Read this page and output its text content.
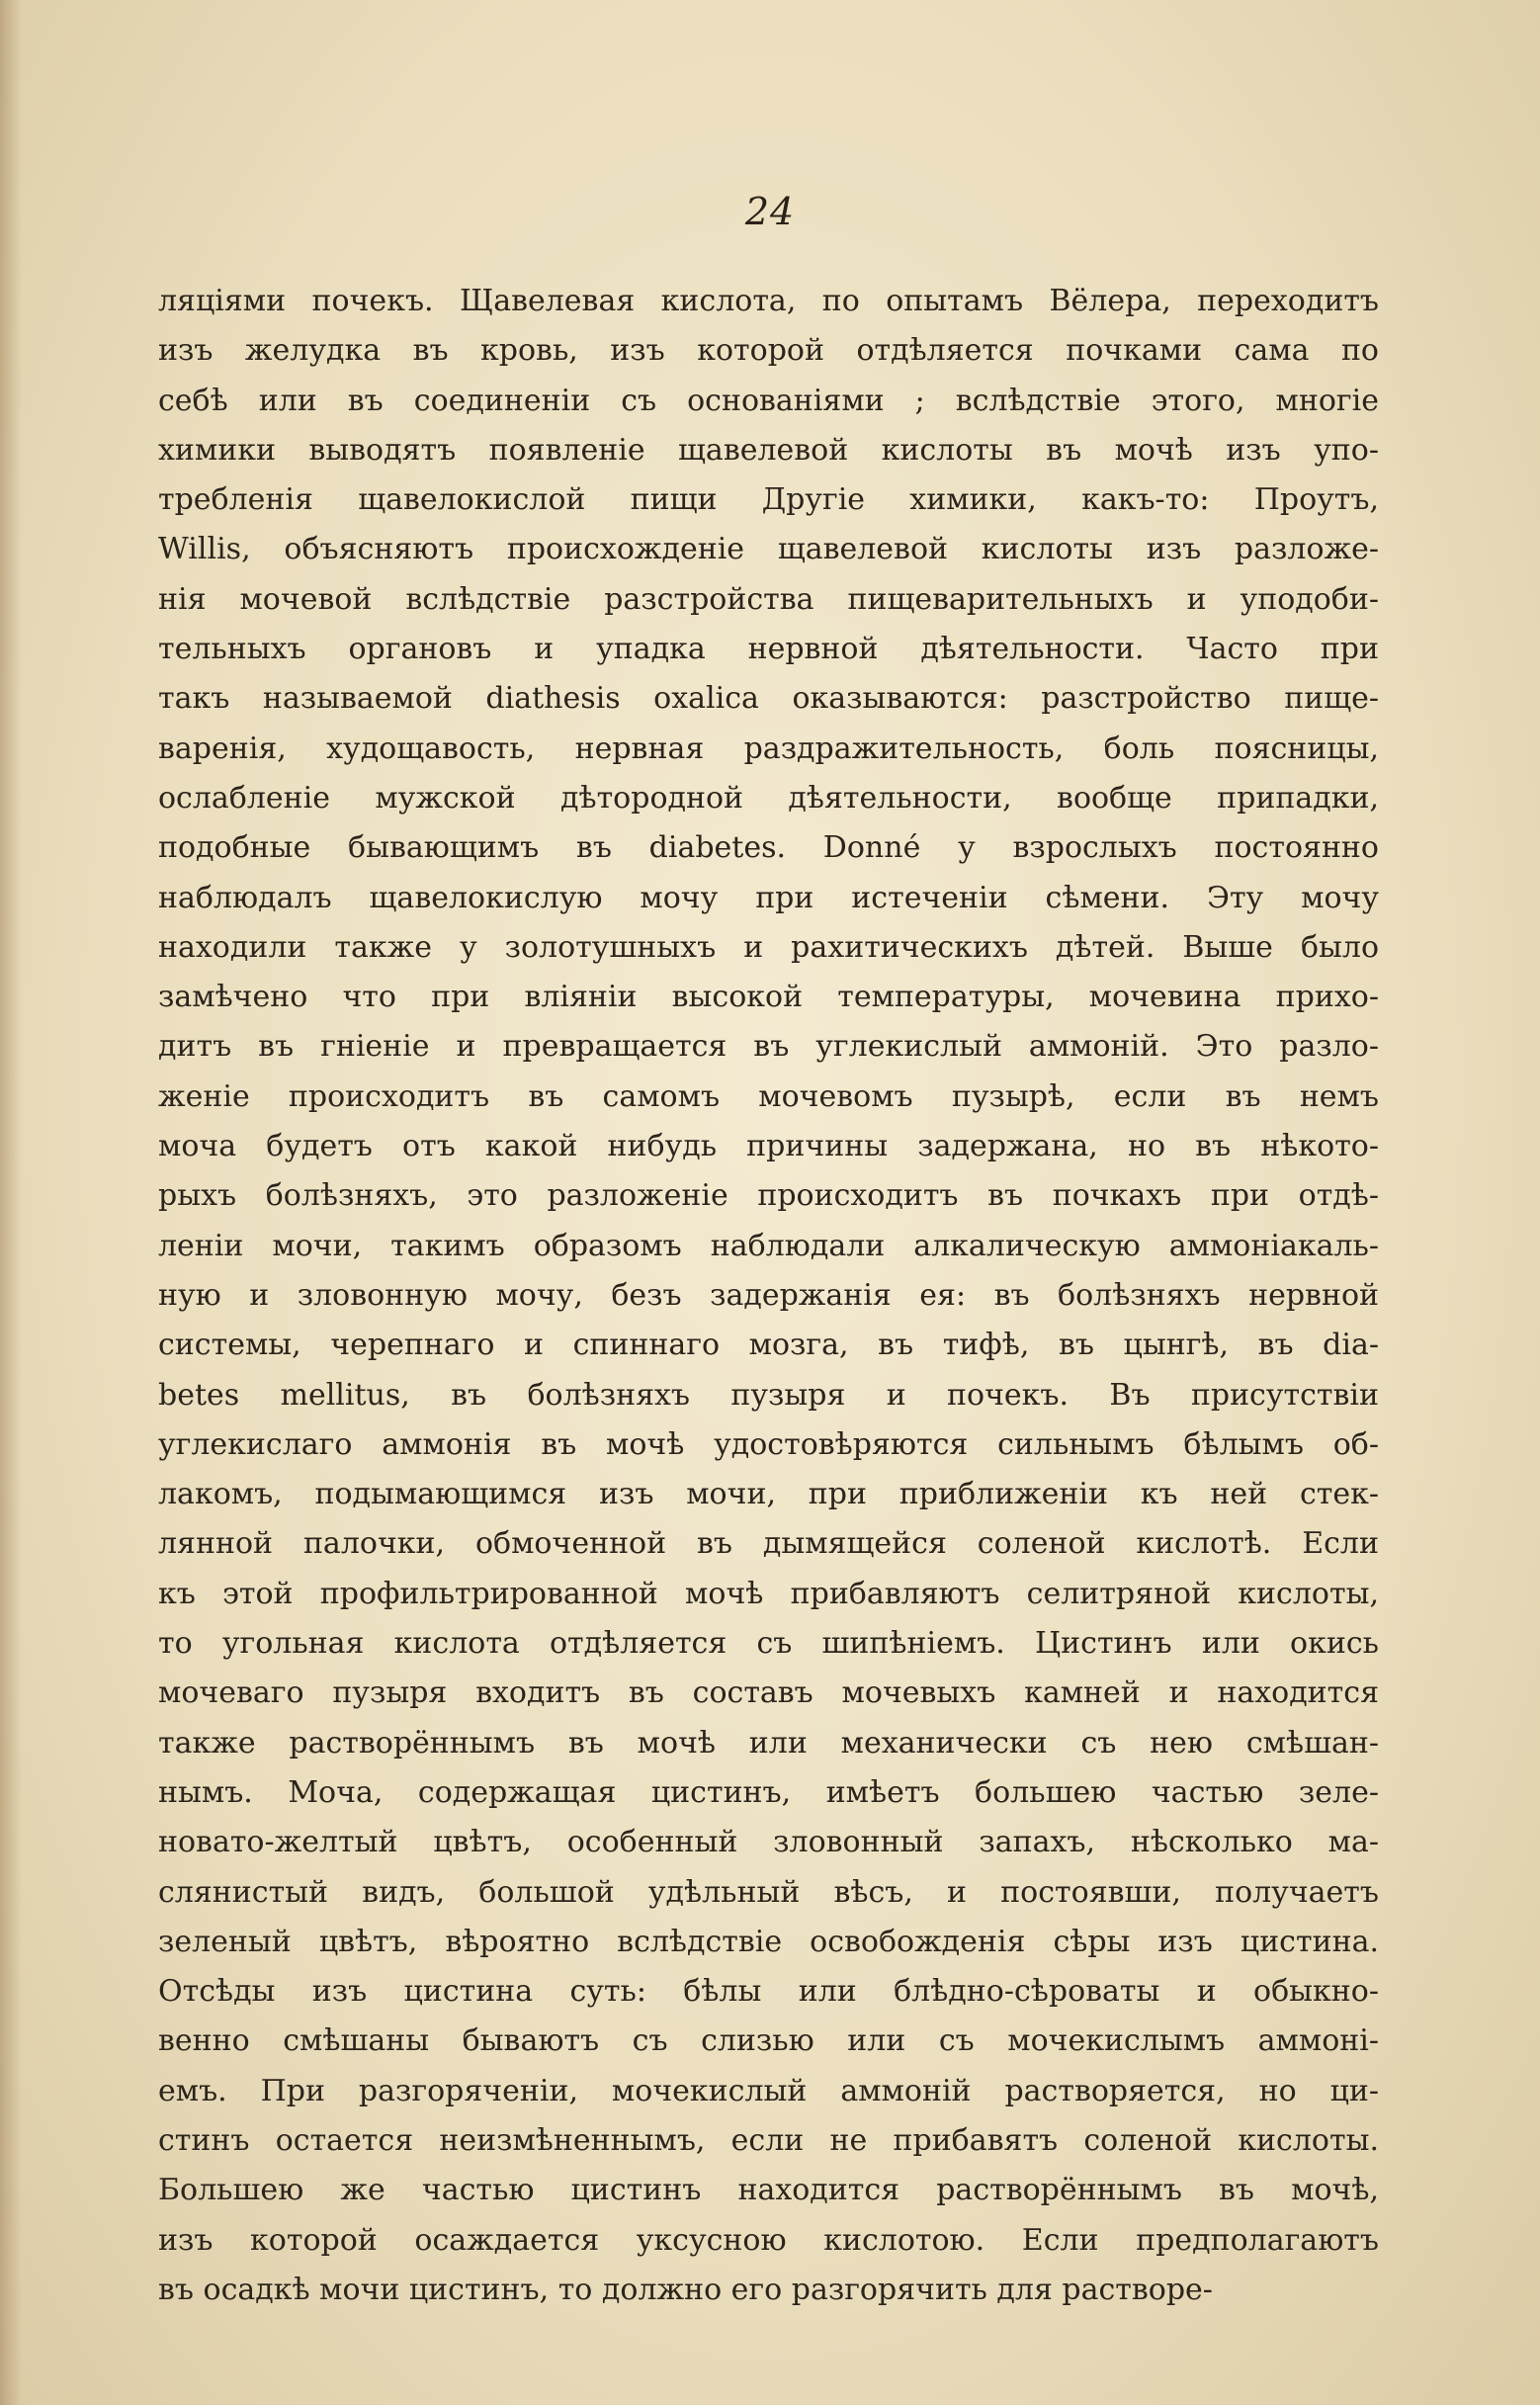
24
ляціями почекъ. Щавелевая кислота, по опытамъ Вёлера, переходитъ
изъ желудка въ кровь, изъ которой отдѣляется почками сама по
себѣ или въ соединеніи съ основаніями ; вслѣдствіе этого, многіе
химики выводятъ появленіе щавелевой кислоты въ мочѣ изъ упо-
требленія щавелокислой пищи Другіе химики, какъ-то: Проутъ,
Willis, объясняютъ происхожденіе щавелевой кислоты изъ разложе-
нія мочевой вслѣдствіе разстройства пищеварительныхъ и уподоби-
тельныхъ органовъ и упадка нервной дѣятельности. Часто при
такъ называемой diathesis oxalica оказываются: разстройство пище-
варенія, худощавость, нервная раздражительность, боль поясницы,
ослабленіе мужской дѣтородной дѣятельности, вообще припадки,
подобные бывающимъ въ diabetes. Donné у взрослыхъ постоянно
наблюдалъ щавелокислую мочу при истеченіи сѣмени. Эту мочу
находили также у золотушныхъ и рахитическихъ дѣтей. Выше было
замѣчено что при вліяніи высокой температуры, мочевина прихо-
дитъ въ гніеніе и превращается въ углекислый аммоній. Это разло-
женіе происходитъ въ самомъ мочевомъ пузырѣ, если въ немъ
моча будетъ отъ какой нибудь причины задержана, но въ нѣкото-
рыхъ болѣзняхъ, это разложеніе происходитъ въ почкахъ при отдѣ-
леніи мочи, такимъ образомъ наблюдали алкалическую аммоніакаль-
ную и зловонную мочу, безъ задержанія ея: въ болѣзняхъ нервной
системы, черепнаго и спиннаго мозга, въ тифѣ, въ цынгѣ, въ dia-
betes mellitus, въ болѣзняхъ пузыря и почекъ. Въ присутствіи
углекислаго аммонія въ мочѣ удостовѣряются сильнымъ бѣлымъ об-
лакомъ, подымающимся изъ мочи, при приближеніи къ ней стек-
лянной палочки, обмоченной въ дымящейся соленой кислотѣ. Если
къ этой профильтрированной мочѣ прибавляютъ селитряной кислоты,
то угольная кислота отдѣляется съ шипѣніемъ. Цистинъ или окись
мочеваго пузыря входитъ въ составъ мочевыхъ камней и находится
также растворённымъ въ мочѣ или механически съ нею смѣшан-
нымъ. Моча, содержащая цистинъ, имѣетъ большею частью зеле-
новато-желтый цвѣтъ, особенный зловонный запахъ, нѣсколько ма-
слянистый видъ, большой удѣльный вѣсъ, и постоявши, получаетъ
зеленый цвѣтъ, вѣроятно вслѣдствіе освобожденія сѣры изъ цистина.
Отсѣды изъ цистина суть: бѣлы или блѣдно-сѣроваты и обыкно-
венно смѣшаны бываютъ съ слизью или съ мочекислымъ аммоні-
емъ. При разгоряченіи, мочекислый аммоній растворяется, но ци-
стинъ остается неизмѣненнымъ, если не прибавятъ соленой кислоты.
Большею же частью цистинъ находится растворённымъ въ мочѣ,
изъ которой осаждается уксусною кислотою. Если предполагаютъ
въ осадкѣ мочи цистинъ, то должно его разгорячить для растворе-
